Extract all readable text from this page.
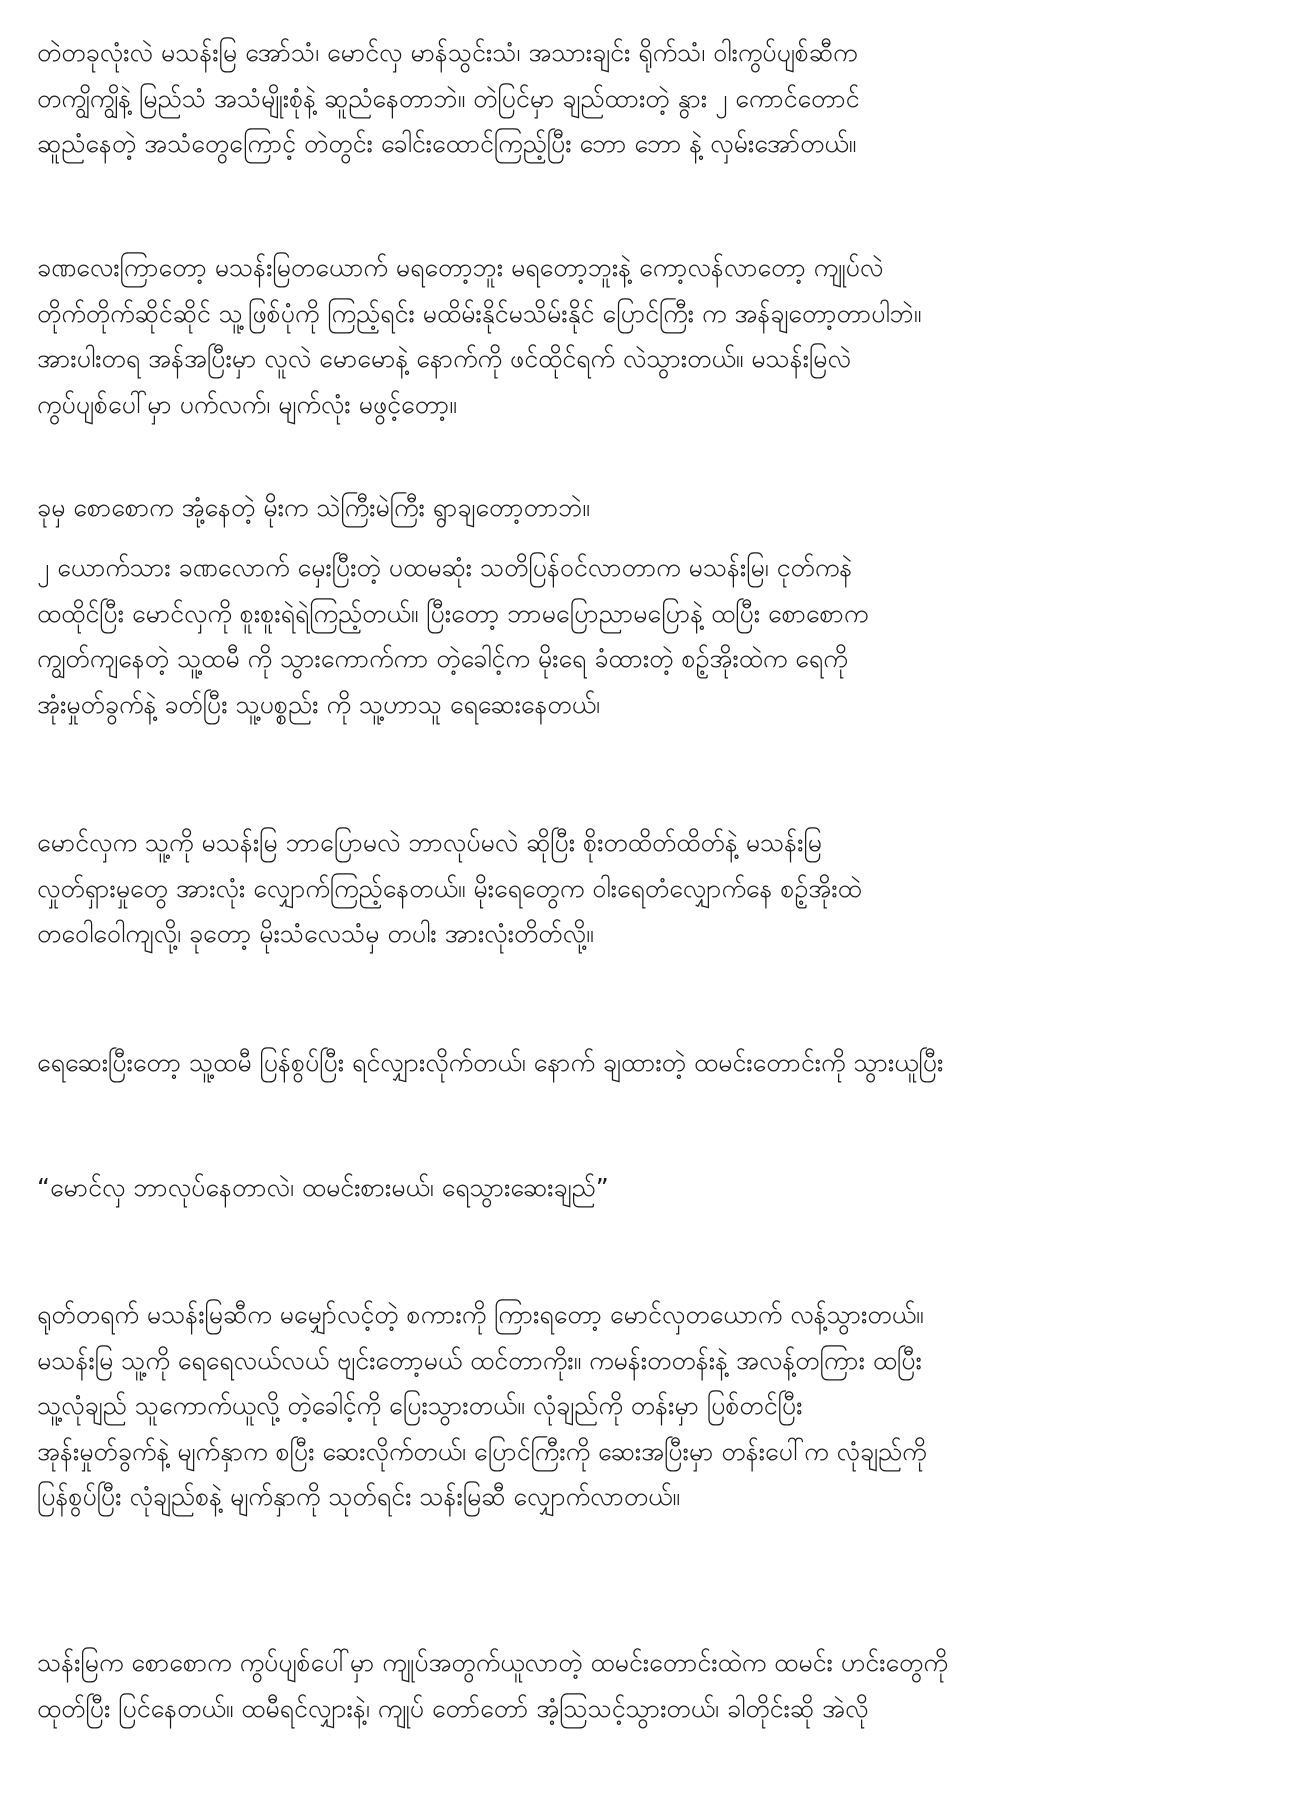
တဲတခုလုံးလဲ မသန်းမြ အော်သံ၊ မောင်လှ မာန်သွင်းသံ၊ အသားချင်း ရိုက်သံ၊ ဝါးကွပ်ပျစ်ဆီက
တကျွိကျွိနဲ့ မြည်သံ အသံမျိုးစုံနဲ့ ဆူညံနေတာဘဲ။ တဲပြင်မှာ ချည်ထားတဲ့ နွား ၂ ကောင်တောင်
ဆူညံနေတဲ့ အသံတွေကြောင့် တဲတွင်း ခေါင်းထောင်ကြည့်ပြီး ဘော ဘော နဲ့ လှမ်းအော်တယ်။
ခဏလေးကြာတော့ မသန်းမြတယောက် မရတော့ဘူး မရတော့ဘူးနဲ့ ကော့လန်လာတော့ ကျုပ်လဲ
တိုက်တိုက်ဆိုင်ဆိုင် သူ့ဖြစ်ပုံကို ကြည့်ရင်း မထိမ်းနိုင်မသိမ်းနိုင် ပြောင်ကြီး က အန်ချတော့တာပါဘဲ။
အားပါးတရ အန်အပြီးမှာ လူလဲ မောမောနဲ့ နောက်ကို ဖင်ထိုင်ရက် လဲသွားတယ်။ မသန်းမြလဲ
ကွပ်ပျစ်ပေါ်မှာ ပက်လက်၊ မျက်လုံး မဖွင့်တော့။
ခုမှ စောစောက အုံ့နေတဲ့ မိုးက သဲကြီးမဲကြီး ရွာချတော့တာဘဲ။
၂ ယောက်သား ခဏလောက် မှေးပြီးတဲ့ ပထမဆုံး သတိပြန်ဝင်လာတာက မသန်းမြ၊ ငုတ်ကနဲ
ထထိုင်ပြီး မောင်လှကို စူးစူးရဲရဲကြည့်တယ်။ ပြီးတော့ ဘာမပြောညာမပြောနဲ့ ထပြီး စောစောက
ကျွတ်ကျနေတဲ့ သူ့ထမီ ကို သွားကောက်ကာ တဲ့ခေါင့်က မိုးရေ ခံထားတဲ့ စဉ့်အိုးထဲက ရေကို
အုံးမှုတ်ခွက်နဲ့ ခတ်ပြီး သူ့ပစ္စည်း ကို သူ့ဟာသူ ရေဆေးနေတယ်၊
မောင်လှက သူ့ကို မသန်းမြ ဘာပြောမလဲ ဘာလုပ်မလဲ ဆိုပြီး စိုးတထိတ်ထိတ်နဲ့ မသန်းမြ
လှုတ်ရှားမှုတွေ အားလုံး လျှောက်ကြည့်နေတယ်။ မိုးရေတွေက ဝါးရေတံလျှောက်နေ စဉ့်အိုးထဲ
တဝေါဝေါကျလို့၊ ခုတော့ မိုးသံလေသံမှ တပါး အားလုံးတိတ်လို့။
ရေဆေးပြီးတော့ သူ့ထမီ ပြန်စွပ်ပြီး ရင်လျှားလိုက်တယ်၊ နောက် ချထားတဲ့ ထမင်းတောင်းကို သွားယူပြီး
“မောင်လှ ဘာလုပ်နေတာလဲ၊ ထမင်းစားမယ်၊ ရေသွားဆေးချည်”
ရုတ်တရက် မသန်းမြဆီက မမျှော်လင့်တဲ့ စကားကို ကြားရတော့ မောင်လှတယောက် လန့်သွားတယ်။
မသန်းမြ သူ့ကို ရေရေလယ်လယ် ဗျင်းတော့မယ် ထင်တာကိုး။ ကမန်းတတန်းနဲ့ အလန့်တကြား ထပြီး
သူ့လုံချည် သူကောက်ယူလို့ တဲ့ခေါင့်ကို ပြေးသွားတယ်။ လုံချည်ကို တန်းမှာ ပြစ်တင်ပြီး
အုန်းမှုတ်ခွက်နဲ့ မျက်နှာက စပြီး ဆေးလိုက်တယ်၊ ပြောင်ကြီးကို ဆေးအပြီးမှာ တန်းပေါ်က လုံချည်ကို
ပြန်စွပ်ပြီး လုံချည်စနဲ့ မျက်နှာကို သုတ်ရင်း သန်းမြဆီ လျှောက်လာတယ်။
သန်းမြက စောစောက ကွပ်ပျစ်ပေါ်မှာ ကျုပ်အတွက်ယူလာတဲ့ ထမင်းတောင်းထဲက ထမင်း ဟင်းတွေကို
ထုတ်ပြီး ပြင်နေတယ်။ ထမီရင်လျှားနဲ့၊ ကျုပ် တော်တော် အံ့သြသင့်သွားတယ်၊ ခါတိုင်းဆို အဲလို
